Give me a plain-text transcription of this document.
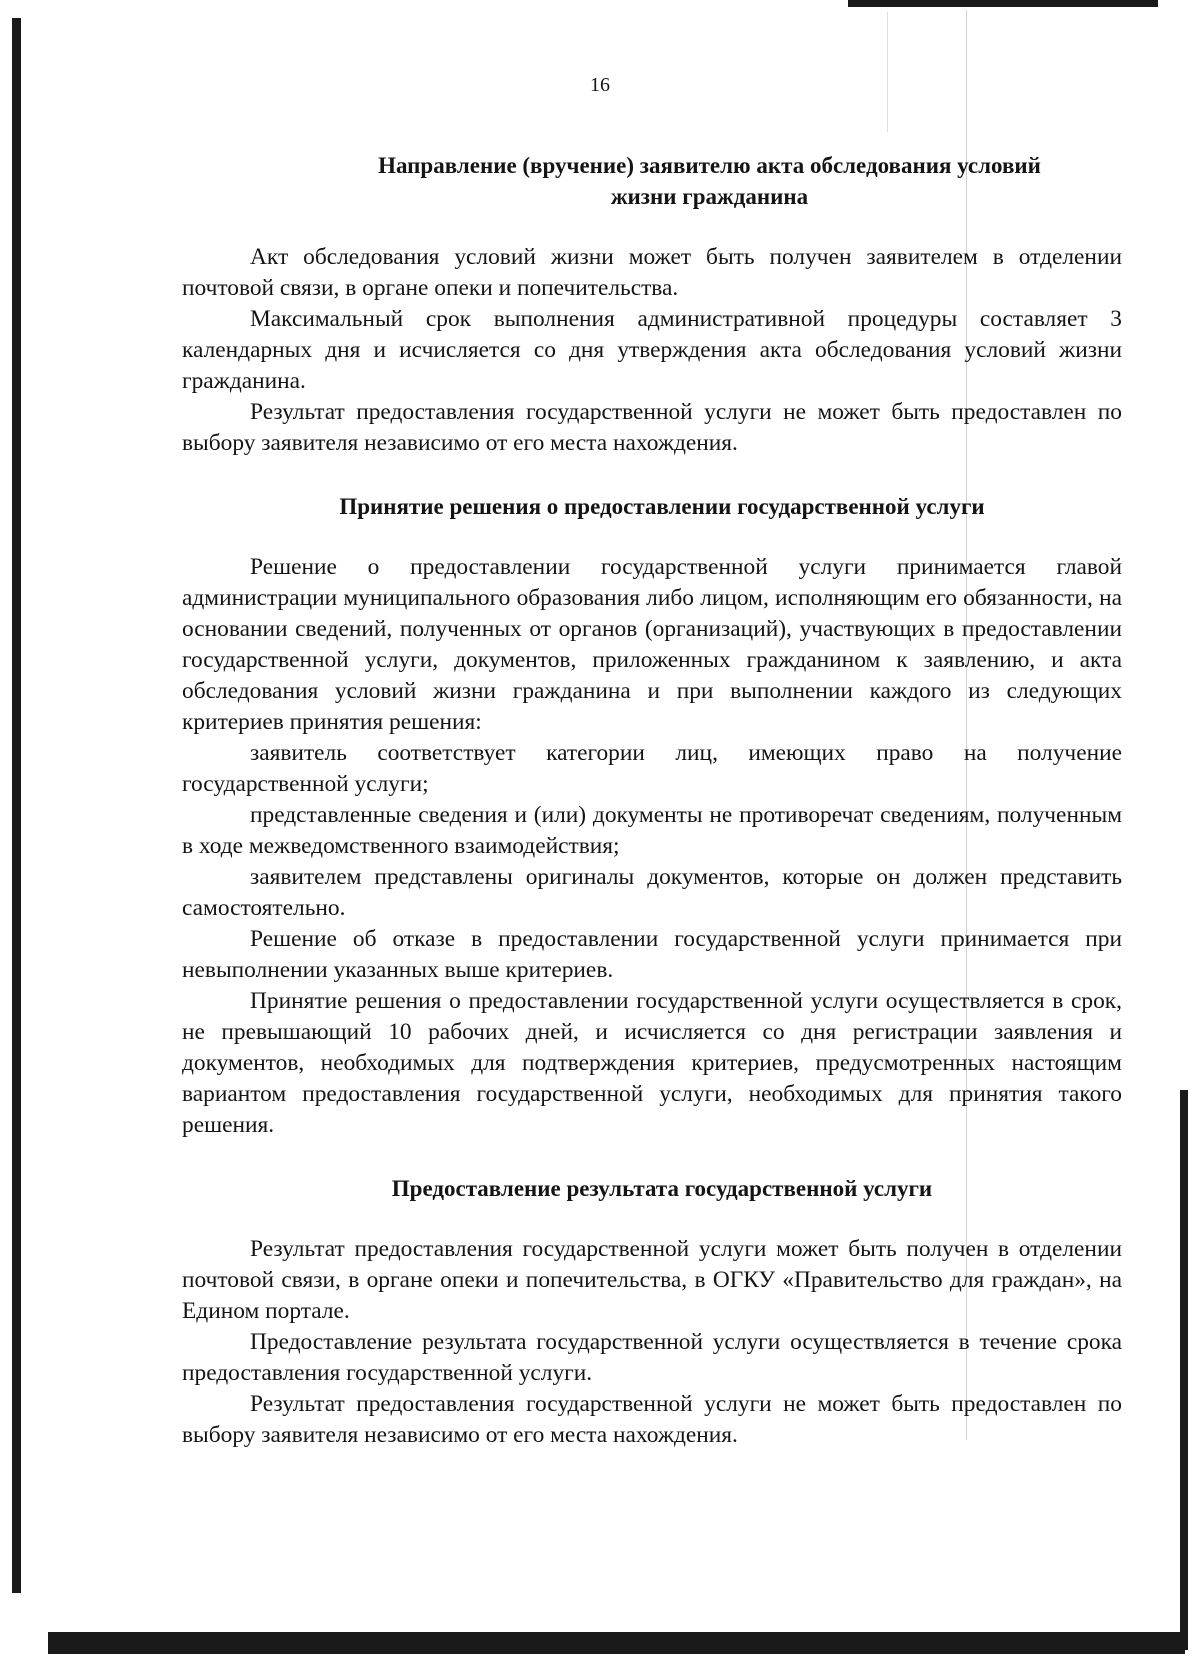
16
Направление (вручение) заявителю акта обследования условий
жизни гражданина

Акт обследования условий жизни может быть получен заявителем в отделении почтовой связи, в органе опеки и попечительства.

Максимальный срок выполнения административной процедуры составляет 3 календарных дня и исчисляется со дня утверждения акта обследования условий жизни гражданина.

Результат предоставления государственной услуги не может быть предоставлен по выбору заявителя независимо от его места нахождения.

Принятие решения о предоставлении государственной услуги

Решение о предоставлении государственной услуги принимается главой администрации муниципального образования либо лицом, исполняющим его обязанности, на основании сведений, полученных от органов (организаций), участвующих в предоставлении государственной услуги, документов, приложенных гражданином к заявлению, и акта обследования условий жизни гражданина и при выполнении каждого из следующих критериев принятия решения:

заявитель соответствует категории лиц, имеющих право на получение государственной услуги;

представленные сведения и (или) документы не противоречат сведениям, полученным в ходе межведомственного взаимодействия;

заявителем представлены оригиналы документов, которые он должен представить самостоятельно.

Решение об отказе в предоставлении государственной услуги принимается при невыполнении указанных выше критериев.

Принятие решения о предоставлении государственной услуги осуществляется в срок, не превышающий 10 рабочих дней, и исчисляется со дня регистрации заявления и документов, необходимых для подтверждения критериев, предусмотренных настоящим вариантом предоставления государственной услуги, необходимых для принятия такого решения.

Предоставление результата государственной услуги

Результат предоставления государственной услуги может быть получен в отделении почтовой связи, в органе опеки и попечительства, в ОГКУ «Правительство для граждан», на Едином портале.

Предоставление результата государственной услуги осуществляется в течение срока предоставления государственной услуги.

Результат предоставления государственной услуги не может быть предоставлен по выбору заявителя независимо от его места нахождения.
